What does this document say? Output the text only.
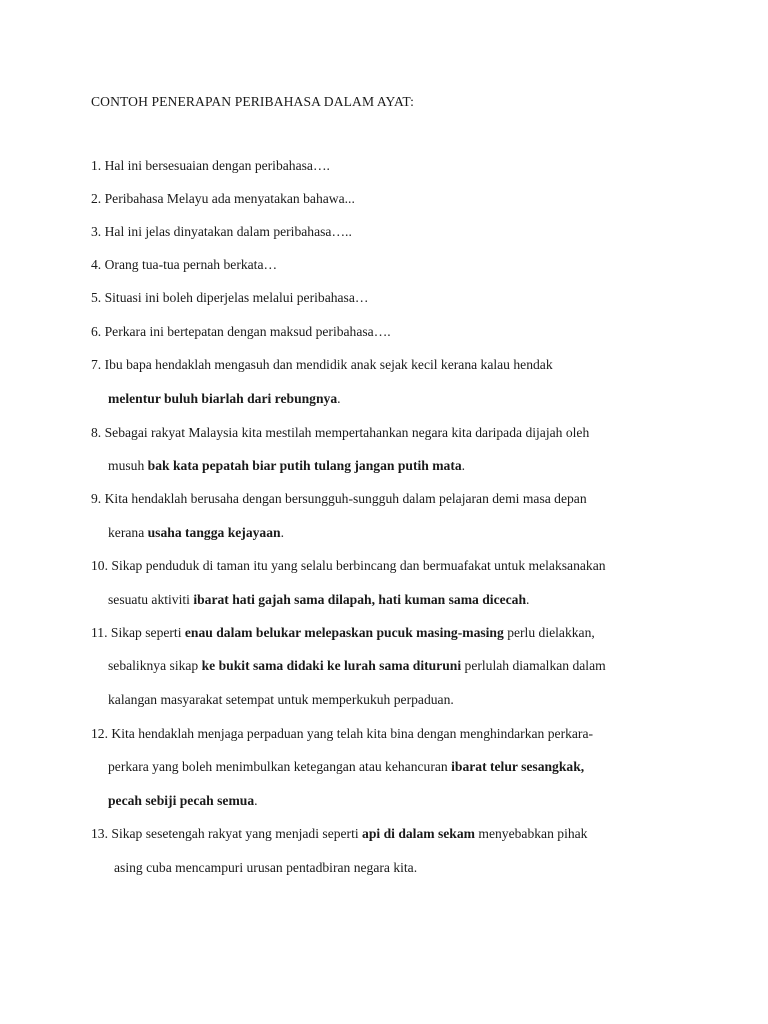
CONTOH PENERAPAN PERIBAHASA DALAM AYAT:
1. Hal ini bersesuaian dengan peribahasa….
2. Peribahasa Melayu ada menyatakan bahawa...
3. Hal ini jelas dinyatakan dalam peribahasa…..
4. Orang tua-tua pernah berkata…
5. Situasi ini boleh diperjelas melalui peribahasa…
6. Perkara ini bertepatan dengan maksud peribahasa….
7. Ibu bapa hendaklah mengasuh dan mendidik anak sejak kecil kerana kalau hendak
melentur buluh biarlah dari rebungnya.
8. Sebagai rakyat Malaysia kita mestilah mempertahankan negara kita daripada dijajah oleh
musuh bak kata pepatah biar putih tulang jangan putih mata.
9. Kita hendaklah berusaha dengan bersungguh-sungguh dalam pelajaran demi masa depan
kerana usaha tangga kejayaan.
10. Sikap penduduk di taman itu yang selalu berbincang dan bermuafakat untuk melaksanakan
sesuatu aktiviti ibarat hati gajah sama dilapah, hati kuman sama dicecah.
11. Sikap seperti enau dalam belukar melepaskan pucuk masing-masing perlu dielakkan,
sebaliknya sikap ke bukit sama didaki ke lurah sama dituruni perlulah diamalkan dalam
kalangan masyarakat setempat untuk memperkukuh perpaduan.
12. Kita hendaklah menjaga perpaduan yang telah kita bina dengan menghindarkan perkara-
perkara yang boleh menimbulkan ketegangan atau kehancuran ibarat telur sesangkak,
pecah sebiji pecah semua.
13. Sikap sesetengah rakyat yang menjadi seperti api di dalam sekam menyebabkan pihak
asing cuba mencampuri urusan pentadbiran negara kita.
